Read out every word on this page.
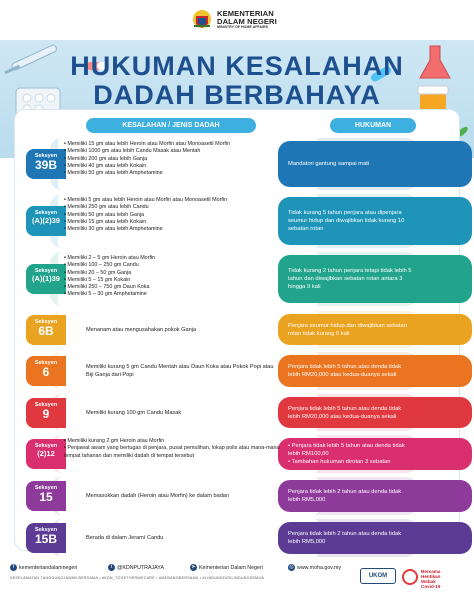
KEMENTERIAN
DALAM NEGERI
MINISTRY OF HOME AFFAIRS
HUKUMAN KESALAHAN
DADAH BERBAHAYA
KESALAHAN / JENIS DADAH	HUKUMAN
Seksyen
39B
• Memiliki 15 gm atau lebih Heroin atau Morfin atau Monoasetil Morfin
• Memiliki 1000 gm atau lebih Candu Masak atau Mentah
• Memiliki 200 gm atau lebih Ganja
• Memiliki 40 gm atau lebih Kokain
• Memiliki 50 gm atau lebih Amphetamine
Mandatori gantung sampai mati
Seksyen
(A)(2)39
• Memiliki 5 gm atau lebih Heroin atau Morfin atau Monoasetil Morfin
• Memiliki 250 gm atau lebih Candu
• Memiliki 50 gm atau lebih Ganja
• Memiliki 15 gm atau lebih Kokain
• Memiliki 30 gm atau lebih Amphetamine
Tidak kurang 5 tahun penjara atau dipenjara seumur hidup dan diwajibkan tidak kurang 10 sebatan rotan
Seksyen
(A)(1)39
• Memiliki 2 – 5 gm Heroin atau Morfin
• Memiliki 100 – 250 gm Candu
• Memiliki 20 – 50 gm Ganja
• Memiliki 5 – 15 gm Kokain
• Memiliki 250 – 750 gm Daun Koka
• Memiliki 5 – 30 gm Amphetamine
Tidak kurang 2 tahun penjara tetapi tidak lebih 5 tahun dan diwajibkan sebatan rotan antara 3 hingga 9 kali
Seksyen
6B	Menanam atau mengusahakan pokok Ganja
Penjara seumur hidup dan diwajibkan sebatan rotan tidak kurang 6 kali
Seksyen
6	Memiliki kurang 5 gm Candu Mentah atau Daun Koka atau Pokok Popi atau Biji Ganja dari Popi
Penjara tidak lebih 5 tahun atau denda tidak lebih RM20,000 atau kedua-duanya sekali
Seksyen
9	Memiliki kurang 100 gm Candu Masak
Penjara tidak lebih 5 tahun atau denda tidak lebih RM20,000 atau kedua-duanya sekali
Seksyen
(2)12
• Memiliki kurang 2 gm Heroin atau Morfin
• Penjawat awam yang bertugas di penjara, pusat pemulihan, lokap polis atau mana-mana tempat tahanan dan memiliki dadah di tempat tersebut
• Penjara tidak lebih 5 tahun atau denda tidak lebih RM100,00
• Tambahan hukuman dirotan 3 sebatan
Seksyen
15	Memasukkan dadah (Heroin atau Morfin) ke dalam badan
Penjara tidak lebih 2 tahun atau denda tidak lebih RM5,000
Seksyen
15B	Berada di dalam Jeramí Candu
Penjara tidak lebih 2 tahun atau denda tidak lebih RM5,000
f kementeriandalamnegeri	t @KDNPUTRAJAYA	➤ Kementerian Dalam Negeri	◎ www.moha.gov.my
KESELAMATAN TANGGUNGJAWAB BERSAMA • #KDN_TOGETHERWECARE • #MENANGBERSAMA • #LINDUNGDIRILINDUNGSEMUA	UKOM
Bersama
Hentikan
Wabak
Covid-19
